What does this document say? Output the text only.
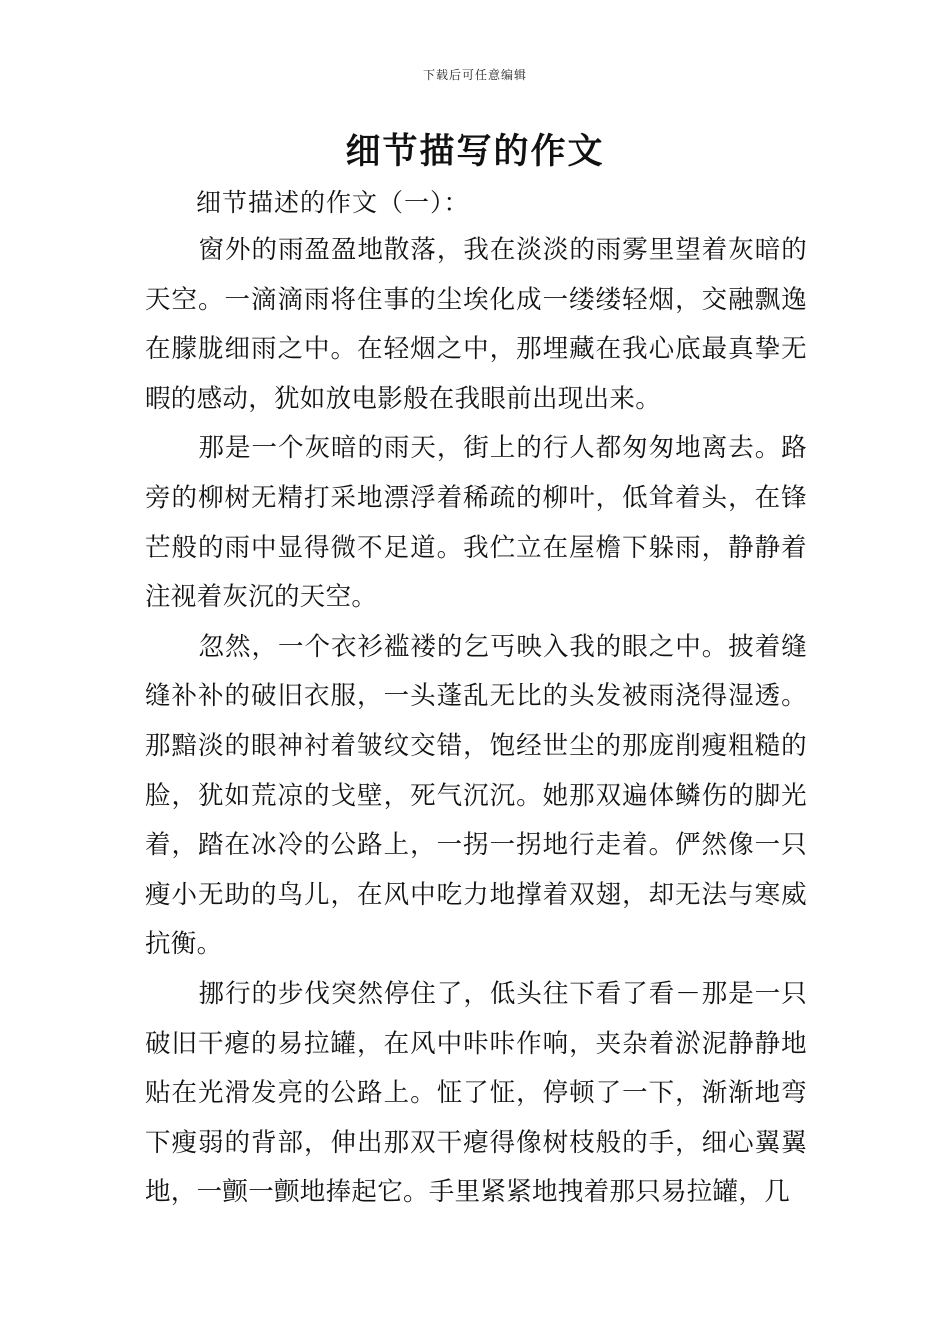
下载后可任意编辑
细节描写的作文
细节描述的作文（一）：

窗外的雨盈盈地散落，我在淡淡的雨雾里望着灰暗的天空。一滴滴雨将住事的尘埃化成一缕缕轻烟，交融飘逸在朦胧细雨之中。在轻烟之中，那埋藏在我心底最真挚无暇的感动，犹如放电影般在我眼前出现出来。

那是一个灰暗的雨天，街上的行人都匆匆地离去。路旁的柳树无精打采地漂浮着稀疏的柳叶，低耸着头，在锋芒般的雨中显得微不足道。我伫立在屋檐下躲雨，静静着注视着灰沉的天空。

忽然，一个衣衫褴褛的乞丐映入我的眼之中。披着缝缝补补的破旧衣服，一头蓬乱无比的头发被雨浇得湿透。那黯淡的眼神衬着皱纹交错，饱经世尘的那庞削瘦粗糙的脸，犹如荒凉的戈壁，死气沉沉。她那双遍体鳞伤的脚光着，踏在冰冷的公路上，一拐一拐地行走着。俨然像一只瘦小无助的鸟儿，在风中吃力地撑着双翅，却无法与寒威抗衡。

挪行的步伐突然停住了，低头往下看了看－那是一只破旧干瘪的易拉罐，在风中咔咔作响，夹杂着淤泥静静地贴在光滑发亮的公路上。怔了怔，停顿了一下，渐渐地弯下瘦弱的背部，伸出那双干瘪得像树枝般的手，细心翼翼地，一颤一颤地捧起它。手里紧紧地拽着那只易拉罐，几
